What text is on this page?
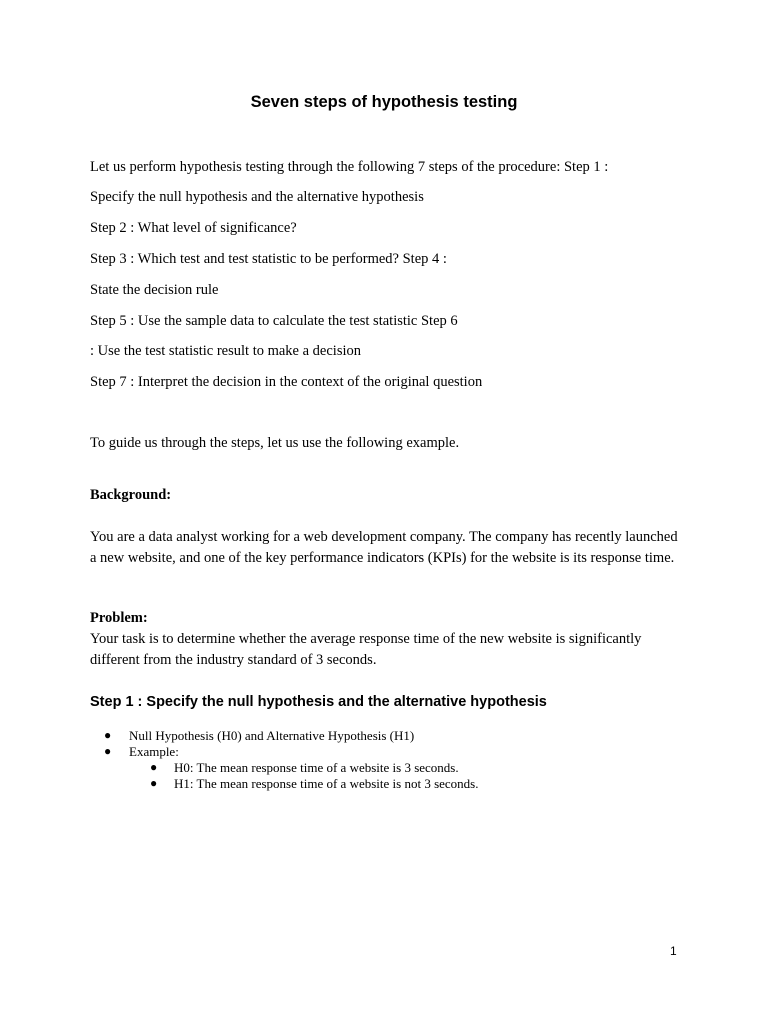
Seven steps of hypothesis testing
Let us perform hypothesis testing through the following 7 steps of the procedure: Step 1 :
Specify the null hypothesis and the alternative hypothesis
Step 2 : What level of significance?
Step 3 : Which test and test statistic to be performed? Step 4 :
State the decision rule
Step 5 : Use the sample data to calculate the test statistic Step 6
: Use the test statistic result to make a decision
Step 7 : Interpret the decision in the context of the original question
To guide us through the steps, let us use the following example.
Background:
You are a data analyst working for a web development company. The company has recently launched a new website, and one of the key performance indicators (KPIs) for the website is its response time.
Problem:
Your task is to determine whether the average response time of the new website is significantly different from the industry standard of 3 seconds.
Step 1 : Specify the null hypothesis and the alternative hypothesis
● Null Hypothesis (H0) and Alternative Hypothesis (H1)
● Example:
● H0: The mean response time of a website is 3 seconds.
● H1: The mean response time of a website is not 3 seconds.
1
